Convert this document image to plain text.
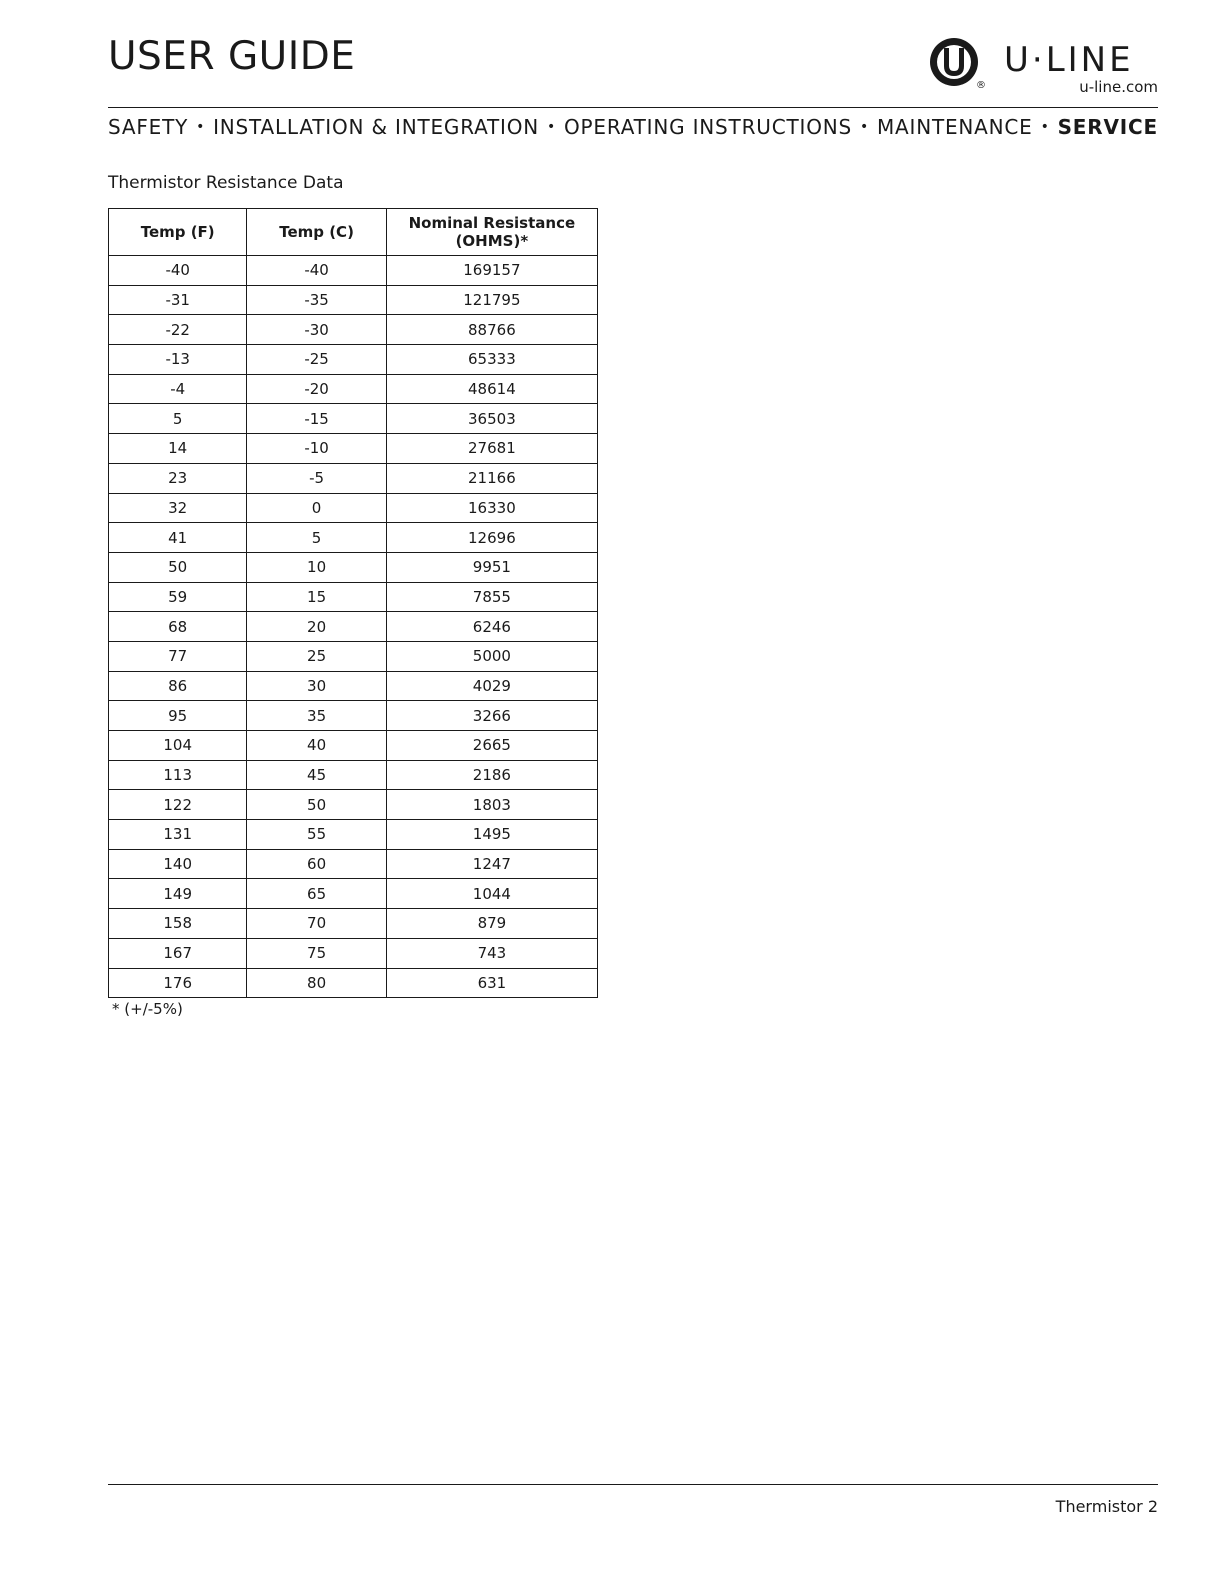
USER GUIDE
®
U·LINE
u-line.com
SAFETY • INSTALLATION & INTEGRATION • OPERATING INSTRUCTIONS • MAINTENANCE • SERVICE
Thermistor Resistance Data
Temp (F)	Temp (C)	Nominal Resistance (OHMS)*
-40	-40	169157
-31	-35	121795
-22	-30	88766
-13	-25	65333
-4	-20	48614
5	-15	36503
14	-10	27681
23	-5	21166
32	0	16330
41	5	12696
50	10	9951
59	15	7855
68	20	6246
77	25	5000
86	30	4029
95	35	3266
104	40	2665
113	45	2186
122	50	1803
131	55	1495
140	60	1247
149	65	1044
158	70	879
167	75	743
176	80	631
* (+/-5%)
Thermistor 2
